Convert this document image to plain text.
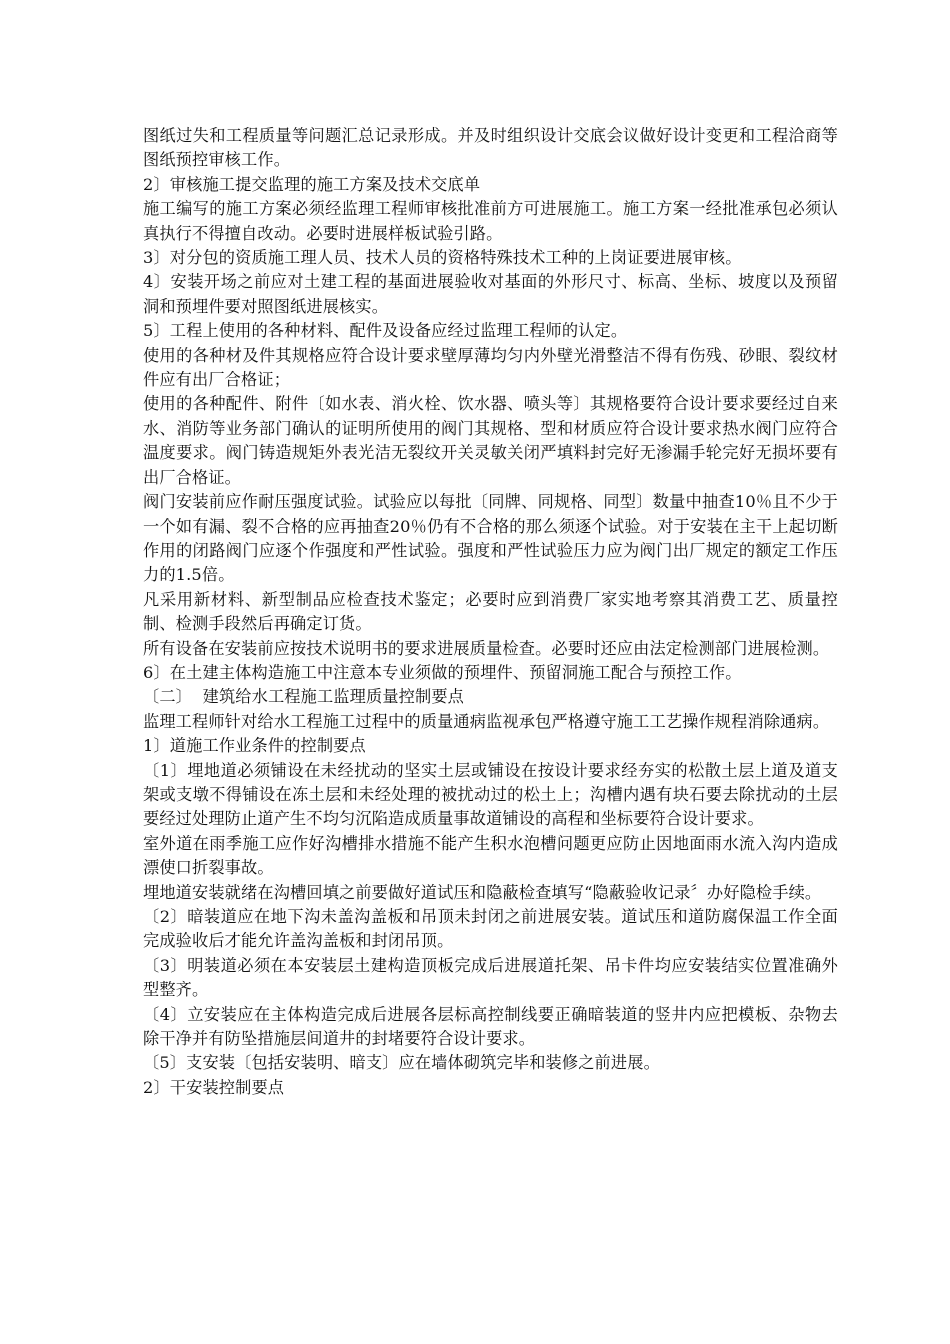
图纸过失和工程质量等问题汇总记录形成。并及时组织设计交底会议做好设计变更和工程洽商等图纸预控审核工作。

2〕审核施工提交监理的施工方案及技术交底单

施工编写的施工方案必须经监理工程师审核批准前方可进展施工。施工方案一经批准承包必须认真执行不得擅自改动。必要时进展样板试验引路。

3〕对分包的资质施工理人员、技术人员的资格特殊技术工种的上岗证要进展审核。

4〕安装开场之前应对土建工程的基面进展验收对基面的外形尺寸、标高、坐标、坡度以及预留洞和预埋件要对照图纸进展核实。

5〕工程上使用的各种材料、配件及设备应经过监理工程师的认定。

使用的各种材及件其规格应符合设计要求壁厚薄均匀内外壁光滑整洁不得有伤残、砂眼、裂纹材件应有出厂合格证；

使用的各种配件、附件〔如水表、消火栓、饮水器、喷头等〕其规格要符合设计要求要经过自来水、消防等业务部门确认的证明所使用的阀门其规格、型和材质应符合设计要求热水阀门应符合温度要求。阀门铸造规矩外表光洁无裂纹开关灵敏关闭严填料封完好无渗漏手轮完好无损坏要有出厂合格证。

阀门安装前应作耐压强度试验。试验应以每批〔同牌、同规格、同型〕数量中抽查10％且不少于一个如有漏、裂不合格的应再抽查20％仍有不合格的那么须逐个试验。对于安装在主干上起切断作用的闭路阀门应逐个作强度和严性试验。强度和严性试验压力应为阀门出厂规定的额定工作压力的1.5倍。

凡采用新材料、新型制品应检查技术鉴定；必要时应到消费厂家实地考察其消费工艺、质量控制、检测手段然后再确定订货。

所有设备在安装前应按技术说明书的要求进展质量检查。必要时还应由法定检测部门进展检测。

6〕在土建主体构造施工中注意本专业须做的预埋件、预留洞施工配合与预控工作。

〔二〕  建筑给水工程施工监理质量控制要点

监理工程师针对给水工程施工过程中的质量通病监视承包严格遵守施工工艺操作规程消除通病。

1〕道施工作业条件的控制要点

〔1〕埋地道必须铺设在未经扰动的坚实土层或铺设在按设计要求经夯实的松散土层上道及道支架或支墩不得铺设在冻土层和未经处理的被扰动过的松土上；沟槽内遇有块石要去除扰动的土层要经过处理防止道产生不均匀沉陷造成质量事故道铺设的高程和坐标要符合设计要求。

室外道在雨季施工应作好沟槽排水措施不能产生积水泡槽问题更应防止因地面雨水流入沟内造成漂使口折裂事故。

埋地道安装就绪在沟槽回填之前要做好道试压和隐蔽检查填写“隐蔽验收记录〞办好隐检手续。

〔2〕暗装道应在地下沟未盖沟盖板和吊顶未封闭之前进展安装。道试压和道防腐保温工作全面完成验收后才能允许盖沟盖板和封闭吊顶。

〔3〕明装道必须在本安装层土建构造顶板完成后进展道托架、吊卡件均应安装结实位置准确外型整齐。

〔4〕立安装应在主体构造完成后进展各层标高控制线要正确暗装道的竖井内应把模板、杂物去除干净并有防坠措施层间道井的封堵要符合设计要求。

〔5〕支安装〔包括安装明、暗支〕应在墙体砌筑完毕和装修之前进展。

2〕干安装控制要点
